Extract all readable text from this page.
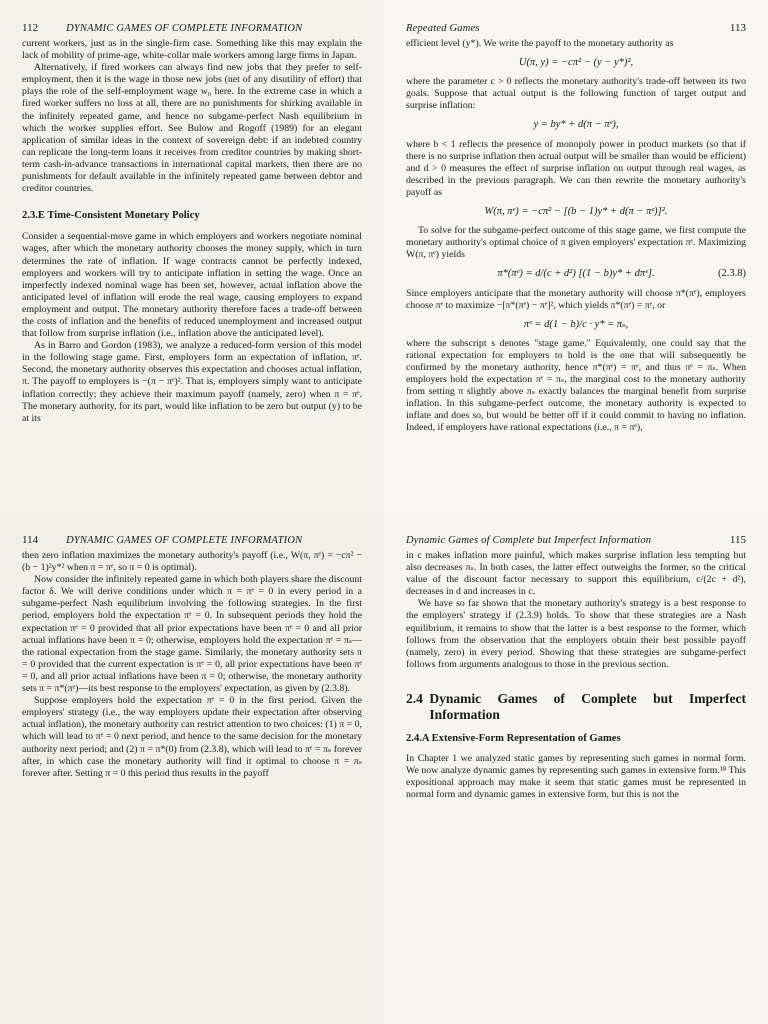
112	DYNAMIC GAMES OF COMPLETE INFORMATION

current workers, just as in the single-firm case. Something like this may explain the lack of mobility of prime-age, white-collar male workers among large firms in Japan.

Alternatively, if fired workers can always find new jobs that they prefer to self-employment, then it is the wage in those new jobs (net of any disutility of effort) that plays the role of the self-employment wage w₀ here. In the extreme case in which a fired worker suffers no loss at all, there are no punishments for shirking available in the infinitely repeated game, and hence no subgame-perfect Nash equilibrium in which the worker supplies effort. See Bulow and Rogoff (1989) for an elegant application of similar ideas in the context of sovereign debt: if an indebted country can replicate the long-term loans it receives from creditor countries by making short-term cash-in-advance transactions in international capital markets, then there are no punishments for default available in the infinitely repeated game between debtor and creditor countries.

2.3.E Time-Consistent Monetary Policy

Consider a sequential-move game in which employers and workers negotiate nominal wages, after which the monetary authority chooses the money supply, which in turn determines the rate of inflation. If wage contracts cannot be perfectly indexed, employers and workers will try to anticipate inflation in setting the wage. Once an imperfectly indexed nominal wage has been set, however, actual inflation above the anticipated level of inflation will erode the real wage, causing employers to expand employment and output. The monetary authority therefore faces a trade-off between the costs of inflation and the benefits of reduced unemployment and increased output that follow from surprise inflation (i.e., inflation above the anticipated level).

As in Barro and Gordon (1983), we analyze a reduced-form version of this model in the following stage game. First, employers form an expectation of inflation, πᵉ. Second, the monetary authority observes this expectation and chooses actual inflation, π. The payoff to employers is −(π − πᵉ)². That is, employers simply want to anticipate inflation correctly; they achieve their maximum payoff (namely, zero) when π = πᵉ. The monetary authority, for its part, would like inflation to be zero but output (y) to be at its

Repeated Games	113

efficient level (y*). We write the payoff to the monetary authority as

U(π, y) = −cπ² − (y − y*)²,

where the parameter c > 0 reflects the monetary authority's trade-off between its two goals. Suppose that actual output is the following function of target output and surprise inflation:

y = by* + d(π − πᵉ),

where b < 1 reflects the presence of monopoly power in product markets (so that if there is no surprise inflation then actual output will be smaller than would be efficient) and d > 0 measures the effect of surprise inflation on output through real wages, as described in the previous paragraph. We can then rewrite the monetary authority's payoff as

W(π, πᵉ) = −cπ² − [(b − 1)y* + d(π − πᵉ)]².

To solve for the subgame-perfect outcome of this stage game, we first compute the monetary authority's optimal choice of π given employers' expectation πᵉ. Maximizing W(π, πᵉ) yields

π*(πᵉ) = d/(c + d²) [(1 − b)y* + dπᵉ].	(2.3.8)

Since employers anticipate that the monetary authority will choose π*(πᵉ), employers choose πᵉ to maximize −[π*(πᵉ) − πᵉ]², which yields π*(πᵉ) = πᵉ, or

πᵉ = d(1 − b)/c · y* = πₛ,

where the subscript s denotes "stage game." Equivalently, one could say that the rational expectation for employers to hold is the one that will subsequently be confirmed by the monetary authority, hence π*(πᵉ) = πᵉ, and thus πᵉ = πₛ. When employers hold the expectation πᵉ = πₛ, the marginal cost to the monetary authority from setting π slightly above πₛ exactly balances the marginal benefit from surprise inflation. In this subgame-perfect outcome, the monetary authority is expected to inflate and does so, but would be better off if it could commit to having no inflation. Indeed, if employers have rational expectations (i.e., π = πᵉ),

114	DYNAMIC GAMES OF COMPLETE INFORMATION

then zero inflation maximizes the monetary authority's payoff (i.e., W(π, πᵉ) = −cπ² − (b − 1)²y*² when π = πᵉ, so π = 0 is optimal).

Now consider the infinitely repeated game in which both players share the discount factor δ. We will derive conditions under which π = πᵉ = 0 in every period in a subgame-perfect Nash equilibrium involving the following strategies. In the first period, employers hold the expectation πᵉ = 0. In subsequent periods they hold the expectation πᵉ = 0 provided that all prior expectations have been πᵉ = 0 and all prior actual inflations have been π = 0; otherwise, employers hold the expectation πᵉ = πₛ—the rational expectation from the stage game. Similarly, the monetary authority sets π = 0 provided that the current expectation is πᵉ = 0, all prior expectations have been πᵉ = 0, and all prior actual inflations have been π = 0; otherwise, the monetary authority sets π = π*(πᵉ)—its best response to the employers' expectation, as given by (2.3.8).

Suppose employers hold the expectation πᵉ = 0 in the first period. Given the employers' strategy (i.e., the way employers update their expectation after observing actual inflation), the monetary authority can restrict attention to two choices: (1) π = 0, which will lead to πᵉ = 0 next period, and hence to the same decision for the monetary authority next period; and (2) π = π*(0) from (2.3.8), which will lead to πᵉ = πₛ forever after, in which case the monetary authority will find it optimal to choose π = πₛ forever after. Setting π = 0 this period thus results in the payoff

Dynamic Games of Complete but Imperfect Information	115

in c makes inflation more painful, which makes surprise inflation less tempting but also decreases πₛ. In both cases, the latter effect outweighs the former, so the critical value of the discount factor necessary to support this equilibrium, c/(2c + d²), decreases in d and increases in c.

We have so far shown that the monetary authority's strategy is a best response to the employers' strategy if (2.3.9) holds. To show that these strategies are a Nash equilibrium, it remains to show that the latter is a best response to the former, which follows from the observation that the employers obtain their best possible payoff (namely, zero) in every period. Showing that these strategies are subgame-perfect follows from arguments analogous to those in the previous section.

2.4 Dynamic Games of Complete but Imperfect Information
2.4.A Extensive-Form Representation of Games

In Chapter 1 we analyzed static games by representing such games in normal form. We now analyze dynamic games by representing such games in extensive form.¹⁸ This expositional approach may make it seem that static games must be represented in normal form and dynamic games in extensive form, but this is not the
